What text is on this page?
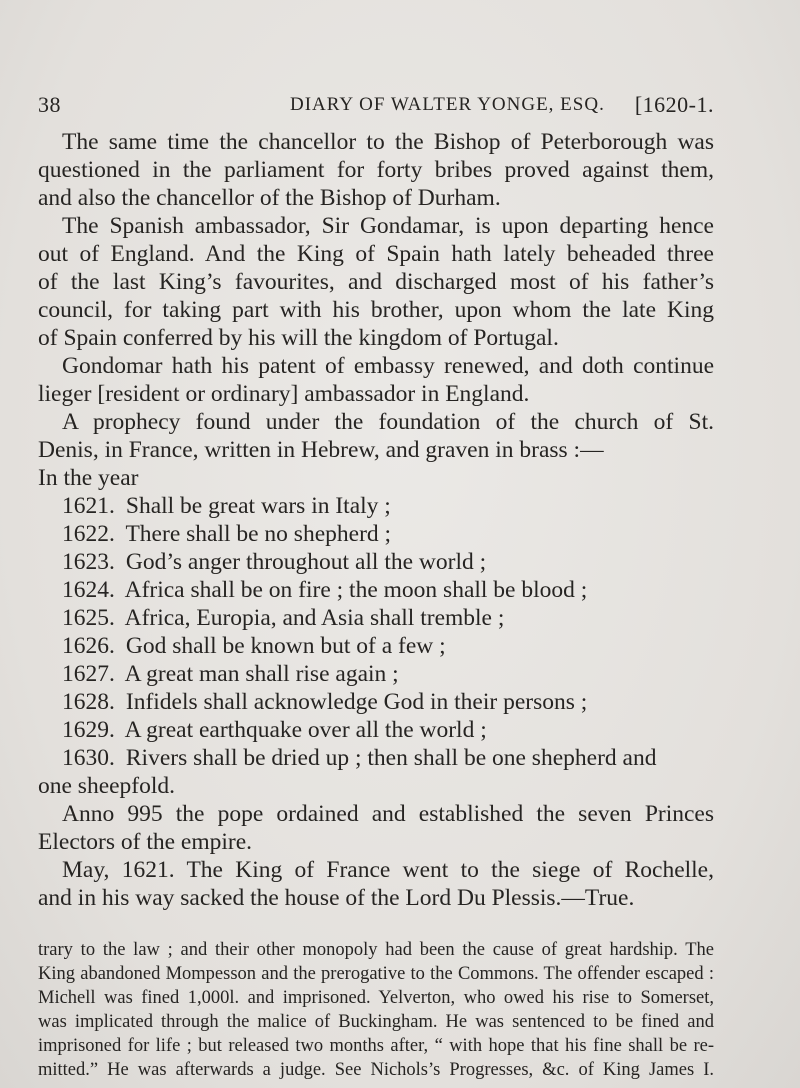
38	DIARY OF WALTER YONGE, ESQ. [1620-1.
The same time the chancellor to the Bishop of Peterborough was
questioned in the parliament for forty bribes proved against them,
and also the chancellor of the Bishop of Durham.
The Spanish ambassador, Sir Gondamar, is upon departing hence
out of England. And the King of Spain hath lately beheaded three
of the last King’s favourites, and discharged most of his father’s
council, for taking part with his brother, upon whom the late King
of Spain conferred by his will the kingdom of Portugal.
Gondomar hath his patent of embassy renewed, and doth continue
lieger [resident or ordinary] ambassador in England.
A prophecy found under the foundation of the church of St.
Denis, in France, written in Hebrew, and graven in brass :—
In the year
1621. Shall be great wars in Italy ;
1622. There shall be no shepherd ;
1623. God’s anger throughout all the world ;
1624. Africa shall be on fire ; the moon shall be blood ;
1625. Africa, Europia, and Asia shall tremble ;
1626. God shall be known but of a few ;
1627. A great man shall rise again ;
1628. Infidels shall acknowledge God in their persons ;
1629. A great earthquake over all the world ;
1630. Rivers shall be dried up ; then shall be one shepherd and
one sheepfold.
Anno 995 the pope ordained and established the seven Princes
Electors of the empire.
May, 1621. The King of France went to the siege of Rochelle,
and in his way sacked the house of the Lord Du Plessis.—True.
trary to the law ; and their other monopoly had been the cause of great hardship. The
King abandoned Mompesson and the prerogative to the Commons. The offender escaped :
Michell was fined 1,000l. and imprisoned. Yelverton, who owed his rise to Somerset,
was implicated through the malice of Buckingham. He was sentenced to be fined and
imprisoned for life ; but released two months after, “ with hope that his fine shall be re-
mitted.” He was afterwards a judge. See Nichols’s Progresses, &c. of King James I.
